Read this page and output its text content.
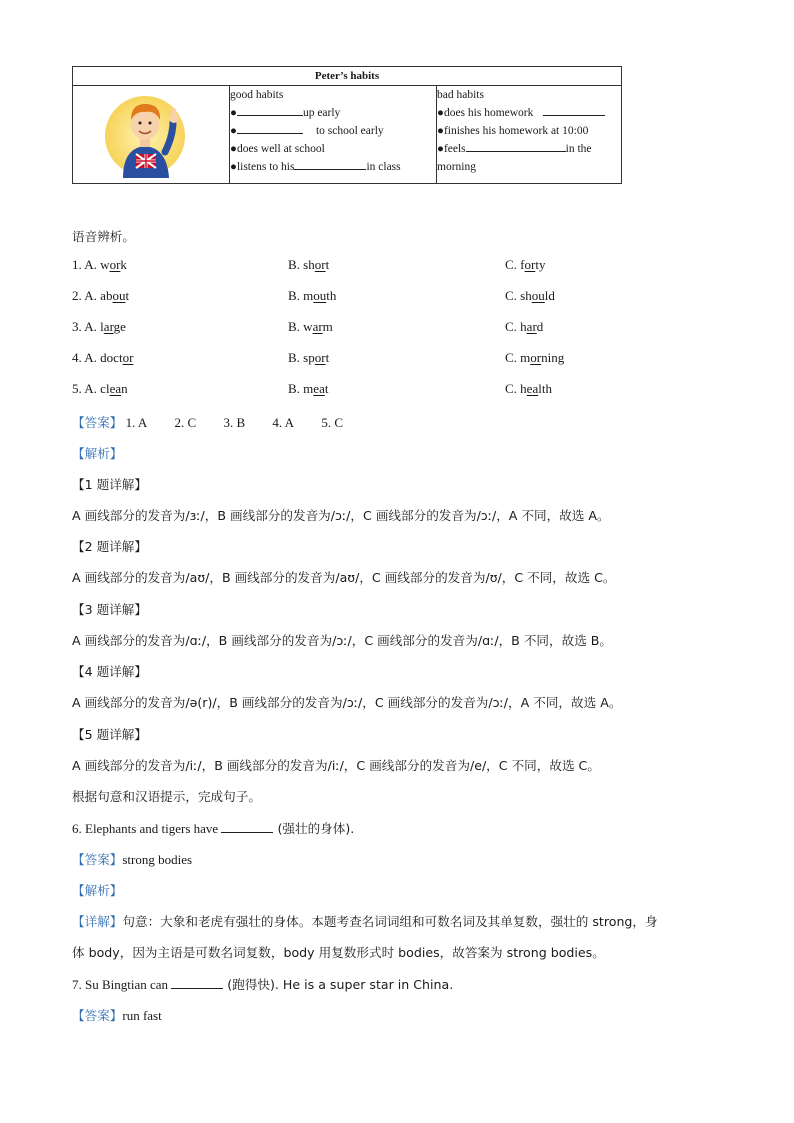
Peter’s habits

good habits
●	up early
●	to school early
●does well at school
●listens to his	in class

bad habits
●does his homework
●finishes his homework at 10:00
●feels	in the
morning
语音辨析。
1. A. work	B. short	C. forty
2. A. about	B. mouth	C. should
3. A. large	B. warm	C. hard
4. A. doctor	B. sport	C. morning
5. A. clean	B. meat	C. health
【答案】 1. A 2. C 3. B 4. A 5. C
【解析】
【1 题详解】
A 画线部分的发音为/ɜː/，B 画线部分的发音为/ɔː/，C 画线部分的发音为/ɔː/，A 不同，故选 A。
【2 题详解】
A 画线部分的发音为/aʊ/，B 画线部分的发音为/aʊ/，C 画线部分的发音为/ʊ/，C 不同，故选 C。
【3 题详解】
A 画线部分的发音为/ɑː/，B 画线部分的发音为/ɔː/，C 画线部分的发音为/ɑː/，B 不同，故选 B。
【4 题详解】
A 画线部分的发音为/ə(r)/，B 画线部分的发音为/ɔː/，C 画线部分的发音为/ɔː/，A 不同，故选 A。
【5 题详解】
A 画线部分的发音为/iː/，B 画线部分的发音为/iː/，C 画线部分的发音为/e/，C 不同，故选 C。
根据句意和汉语提示，完成句子。
6. Elephants and tigers have	(强壮的身体).
【答案】strong bodies
【解析】
【详解】句意：大象和老虎有强壮的身体。本题考查名词词组和可数名词及其单复数，强壮的 strong，身
体 body，因为主语是可数名词复数，body 用复数形式时 bodies，故答案为 strong bodies。
7. Su Bingtian can	(跑得快). He is a super star in China.
【答案】run fast
